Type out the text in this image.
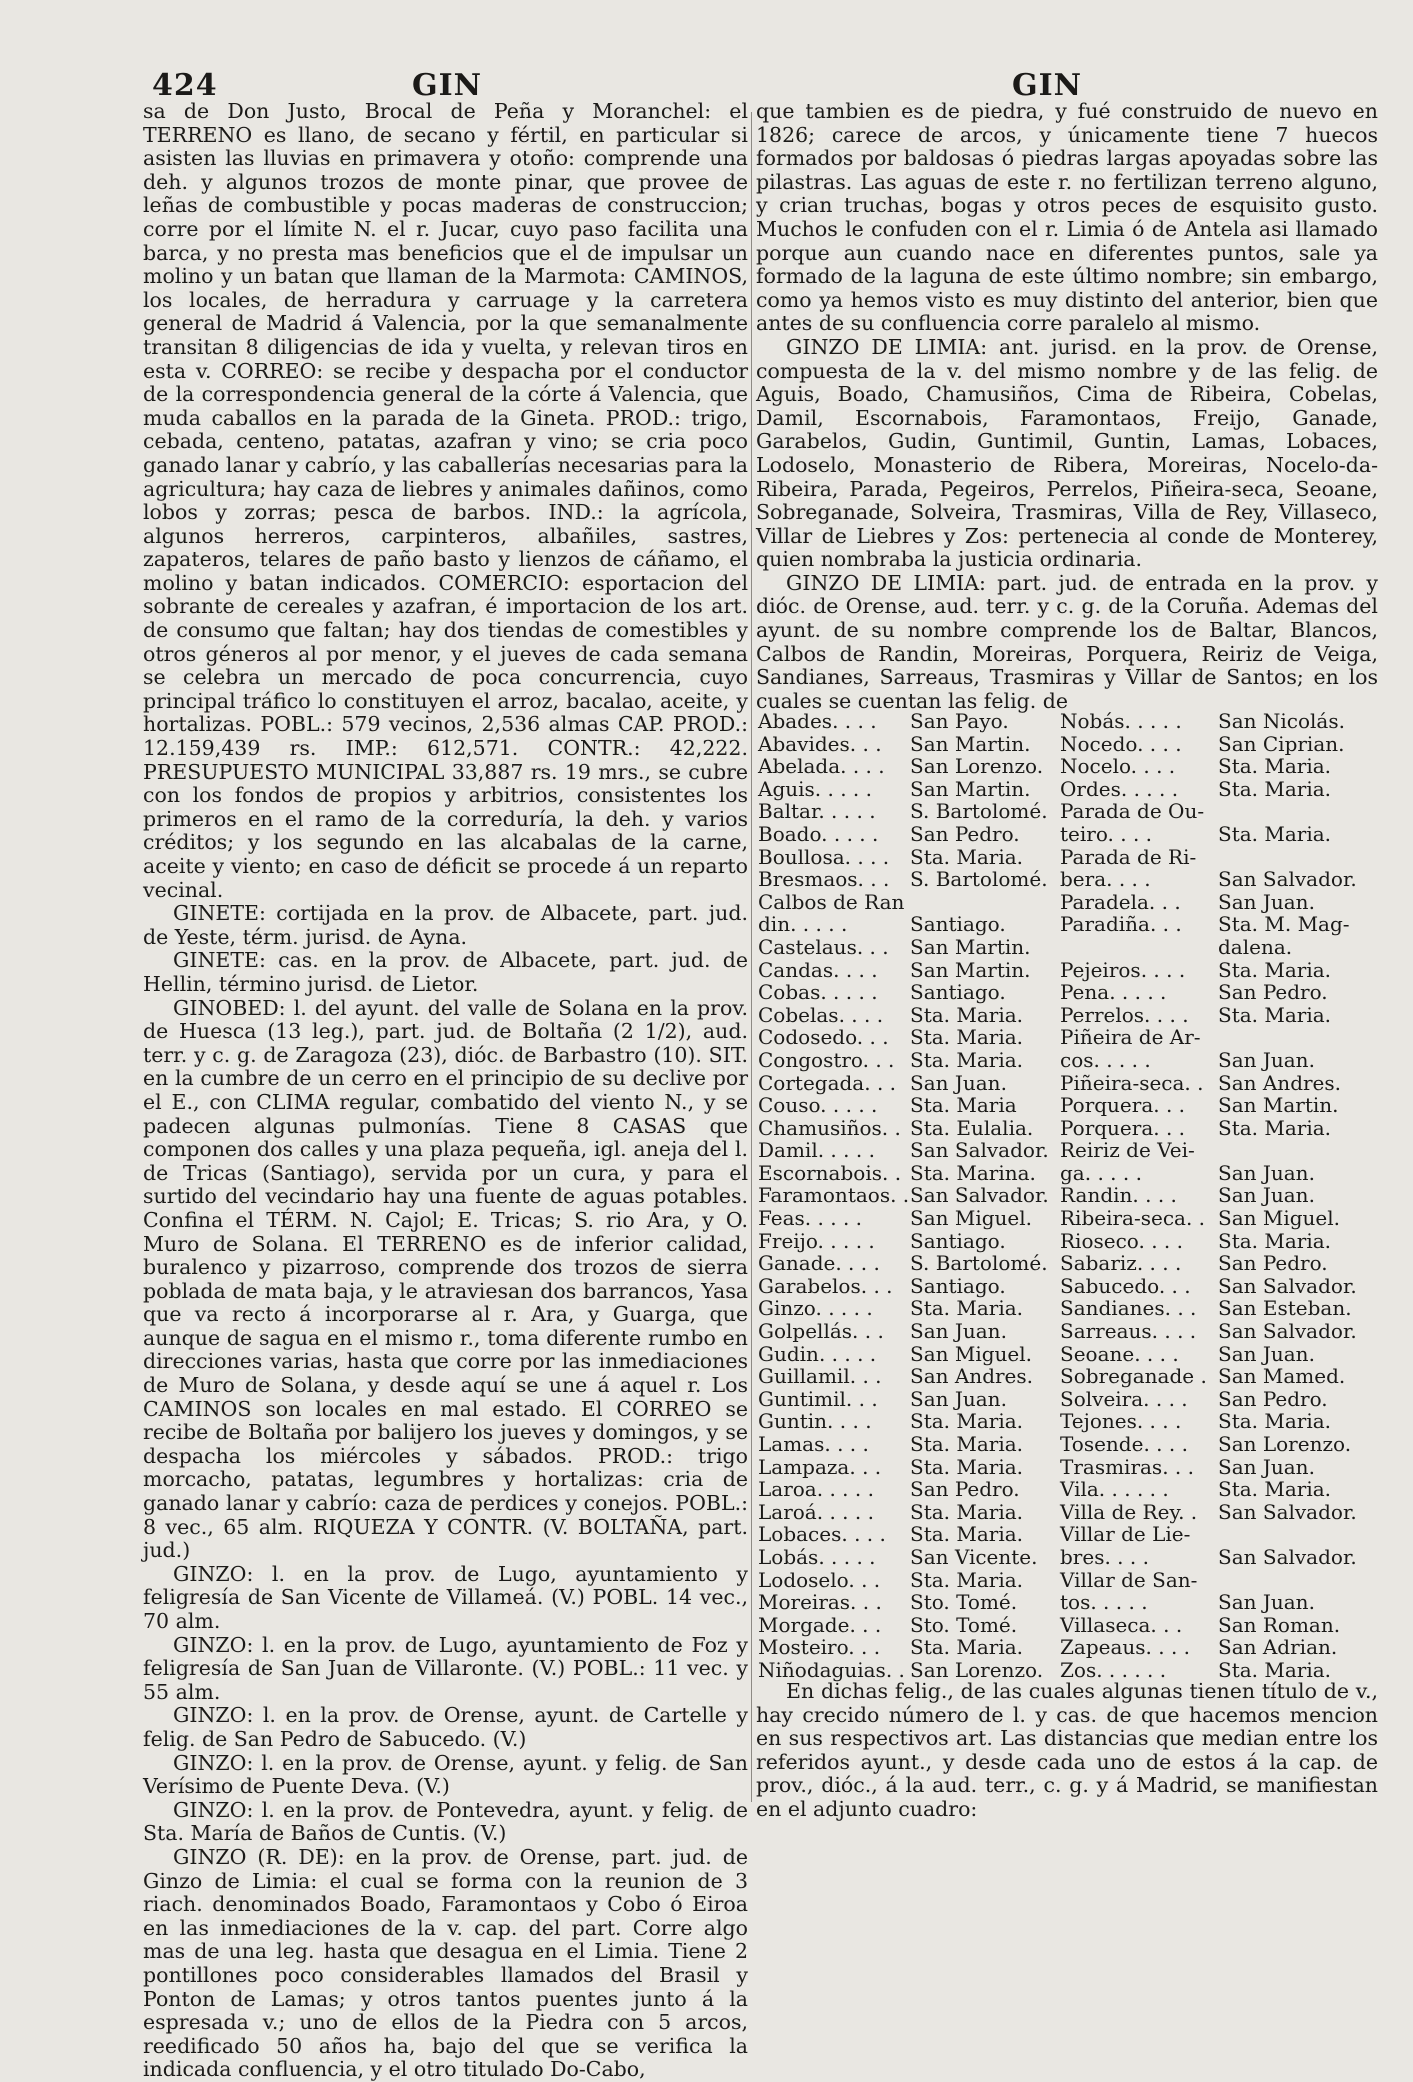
424	GIN	GIN

sa de Don Justo, Brocal de Peña y Moranchel: el TERRENO es llano, de secano y fértil, en particular si asisten las lluvias en primavera y otoño: comprende una deh. y algunos trozos de monte pinar, que provee de leñas de combustible y pocas maderas de construccion; corre por el límite N. el r. Jucar, cuyo paso facilita una barca, y no presta mas beneficios que el de impulsar un molino y un batan que llaman de la Marmota: CAMINOS, los locales, de herradura y carruage y la carretera general de Madrid á Valencia, por la que semanalmente transitan 8 diligencias de ida y vuelta, y relevan tiros en esta v. CORREO: se recibe y despacha por el conductor de la correspondencia general de la córte á Valencia, que muda caballos en la parada de la Gineta. PROD.: trigo, cebada, centeno, patatas, azafran y vino; se cria poco ganado lanar y cabrío, y las caballerías necesarias para la agricultura; hay caza de liebres y animales dañinos, como lobos y zorras; pesca de barbos. IND.: la agrícola, algunos herreros, carpinteros, albañiles, sastres, zapateros, telares de paño basto y lienzos de cáñamo, el molino y batan indicados. COMERCIO: esportacion del sobrante de cereales y azafran, é importacion de los art. de consumo que faltan; hay dos tiendas de comestibles y otros géneros al por menor, y el jueves de cada semana se celebra un mercado de poca concurrencia, cuyo principal tráfico lo constituyen el arroz, bacalao, aceite, y hortalizas. POBL.: 579 vecinos, 2,536 almas CAP. PROD.: 12.159,439 rs. IMP.: 612,571. CONTR.: 42,222. PRESUPUESTO MUNICIPAL 33,887 rs. 19 mrs., se cubre con los fondos de propios y arbitrios, consistentes los primeros en el ramo de la correduría, la deh. y varios créditos; y los segundo en las alcabalas de la carne, aceite y viento; en caso de déficit se procede á un reparto vecinal.

GINETE: cortijada en la prov. de Albacete, part. jud. de Yeste, térm. jurisd. de Ayna.

GINETE: cas. en la prov. de Albacete, part. jud. de Hellin, término jurisd. de Lietor.

GINOBED: l. del ayunt. del valle de Solana en la prov. de Huesca (13 leg.), part. jud. de Boltaña (2 1/2), aud. terr. y c. g. de Zaragoza (23), dióc. de Barbastro (10). SIT. en la cumbre de un cerro en el principio de su declive por el E., con CLIMA regular, combatido del viento N., y se padecen algunas pulmonías. Tiene 8 CASAS que componen dos calles y una plaza pequeña, igl. aneja del l. de Tricas (Santiago), servida por un cura, y para el surtido del vecindario hay una fuente de aguas potables. Confina el TÉRM. N. Cajol; E. Tricas; S. rio Ara, y O. Muro de Solana. El TERRENO es de inferior calidad, buralenco y pizarroso, comprende dos trozos de sierra poblada de mata baja, y le atraviesan dos barrancos, Yasa que va recto á incorporarse al r. Ara, y Guarga, que aunque de sagua en el mismo r., toma diferente rumbo en direcciones varias, hasta que corre por las inmediaciones de Muro de Solana, y desde aquí se une á aquel r. Los CAMINOS son locales en mal estado. El CORREO se recibe de Boltaña por balijero los jueves y domingos, y se despacha los miércoles y sábados. PROD.: trigo morcacho, patatas, legumbres y hortalizas: cria de ganado lanar y cabrío: caza de perdices y conejos. POBL.: 8 vec., 65 alm. RIQUEZA Y CONTR. (V. BOLTAÑA, part. jud.)

GINZO: l. en la prov. de Lugo, ayuntamiento y feligresía de San Vicente de Villameá. (V.) POBL. 14 vec., 70 alm.

GINZO: l. en la prov. de Lugo, ayuntamiento de Foz y feligresía de San Juan de Villaronte. (V.) POBL.: 11 vec. y 55 alm.

GINZO: l. en la prov. de Orense, ayunt. de Cartelle y felig. de San Pedro de Sabucedo. (V.)

GINZO: l. en la prov. de Orense, ayunt. y felig. de San Verísimo de Puente Deva. (V.)

GINZO: l. en la prov. de Pontevedra, ayunt. y felig. de Sta. María de Baños de Cuntis. (V.)

GINZO (R. DE): en la prov. de Orense, part. jud. de Ginzo de Limia: el cual se forma con la reunion de 3 riach. denominados Boado, Faramontaos y Cobo ó Eiroa en las inmediaciones de la v. cap. del part. Corre algo mas de una leg. hasta que desagua en el Limia. Tiene 2 pontillones poco considerables llamados del Brasil y Ponton de Lamas; y otros tantos puentes junto á la espresada v.; uno de ellos de la Piedra con 5 arcos, reedificado 50 años ha, bajo del que se verifica la indicada confluencia, y el otro titulado Do-Cabo,

que tambien es de piedra, y fué construido de nuevo en 1826; carece de arcos, y únicamente tiene 7 huecos formados por baldosas ó piedras largas apoyadas sobre las pilastras. Las aguas de este r. no fertilizan terreno alguno, y crian truchas, bogas y otros peces de esquisito gusto. Muchos le confuden con el r. Limia ó de Antela asi llamado porque aun cuando nace en diferentes puntos, sale ya formado de la laguna de este último nombre; sin embargo, como ya hemos visto es muy distinto del anterior, bien que antes de su confluencia corre paralelo al mismo.

GINZO DE LIMIA: ant. jurisd. en la prov. de Orense, compuesta de la v. del mismo nombre y de las felig. de Aguis, Boado, Chamusiños, Cima de Ribeira, Cobelas, Damil, Escornabois, Faramontaos, Freijo, Ganade, Garabelos, Gudin, Guntimil, Guntin, Lamas, Lobaces, Lodoselo, Monasterio de Ribera, Moreiras, Nocelo-da-Ribeira, Parada, Pegeiros, Perrelos, Piñeira-seca, Seoane, Sobreganade, Solveira, Trasmiras, Villa de Rey, Villaseco, Villar de Liebres y Zos: pertenecia al conde de Monterey, quien nombraba la justicia ordinaria.

GINZO DE LIMIA: part. jud. de entrada en la prov. y dióc. de Orense, aud. terr. y c. g. de la Coruña. Ademas del ayunt. de su nombre comprende los de Baltar, Blancos, Calbos de Randin, Moreiras, Porquera, Reiriz de Veiga, Sandianes, Sarreaus, Trasmiras y Villar de Santos; en los cuales se cuentan las felig. de

Abades. . . .	San Payo.	Nobás. . . . .	San Nicolás.
Abavides. . .	San Martin.	Nocedo. . . .	San Ciprian.
Abelada. . . .	San Lorenzo.	Nocelo. . . .	Sta. Maria.
Aguis. . . . .	San Martin.	Ordes. . . . .	Sta. Maria.
Baltar. . . . .	S. Bartolomé.	Parada de Ou-	
Boado. . . . .	San Pedro.	teiro. . . .	Sta. Maria.
Boullosa. . . .	Sta. Maria.	Parada de Ri-	
Bresmaos. . .	S. Bartolomé.	bera. . . .	San Salvador.
Calbos de Ran		Paradela. . .	San Juan.
din. . . . .	Santiago.	Paradiña. . .	Sta. M. Mag-
Castelaus. . .	San Martin.		dalena.
Candas. . . .	San Martin.	Pejeiros. . . .	Sta. Maria.
Cobas. . . . .	Santiago.	Pena. . . . .	San Pedro.
Cobelas. . . .	Sta. Maria.	Perrelos. . . .	Sta. Maria.
Codosedo. . .	Sta. Maria.	Piñeira de Ar-	
Congostro. . .	Sta. Maria.	cos. . . . .	San Juan.
Cortegada. . .	San Juan.	Piñeira-seca. .	San Andres.
Couso. . . . .	Sta. Maria	Porquera. . .	San Martin.
Chamusiños. .	Sta. Eulalia.	Porquera. . .	Sta. Maria.
Damil. . . . .	San Salvador.	Reiriz de Vei-	
Escornabois. .	Sta. Marina.	ga. . . . .	San Juan.
Faramontaos. .	San Salvador.	Randin. . . .	San Juan.
Feas. . . . .	San Miguel.	Ribeira-seca. .	San Miguel.
Freijo. . . . .	Santiago.	Rioseco. . . .	Sta. Maria.
Ganade. . . .	S. Bartolomé.	Sabariz. . . .	San Pedro.
Garabelos. . .	Santiago.	Sabucedo. . .	San Salvador.
Ginzo. . . . .	Sta. Maria.	Sandianes. . .	San Esteban.
Golpellás. . .	San Juan.	Sarreaus. . . .	San Salvador.
Gudin. . . . .	San Miguel.	Seoane. . . .	San Juan.
Guillamil. . .	San Andres.	Sobreganade .	San Mamed.
Guntimil. . .	San Juan.	Solveira. . . .	San Pedro.
Guntin. . . .	Sta. Maria.	Tejones. . . .	Sta. Maria.
Lamas. . . .	Sta. Maria.	Tosende. . . .	San Lorenzo.
Lampaza. . .	Sta. Maria.	Trasmiras. . .	San Juan.
Laroa. . . . .	San Pedro.	Vila. . . . . .	Sta. Maria.
Laroá. . . . .	Sta. Maria.	Villa de Rey. .	San Salvador.
Lobaces. . . .	Sta. Maria.	Villar de Lie-	
Lobás. . . . .	San Vicente.	bres. . . .	San Salvador.
Lodoselo. . .	Sta. Maria.	Villar de San-	
Moreiras. . .	Sto. Tomé.	tos. . . . .	San Juan.
Morgade. . .	Sto. Tomé.	Villaseca. . .	San Roman.
Mosteiro. . .	Sta. Maria.	Zapeaus. . . .	San Adrian.
Niñodaguias. .	San Lorenzo.	Zos. . . . . .	Sta. Maria.

En dichas felig., de las cuales algunas tienen título de v., hay crecido número de l. y cas. de que hacemos mencion en sus respectivos art. Las distancias que median entre los referidos ayunt., y desde cada uno de estos á la cap. de prov., dióc., á la aud. terr., c. g. y á Madrid, se manifiestan en el adjunto cuadro:
